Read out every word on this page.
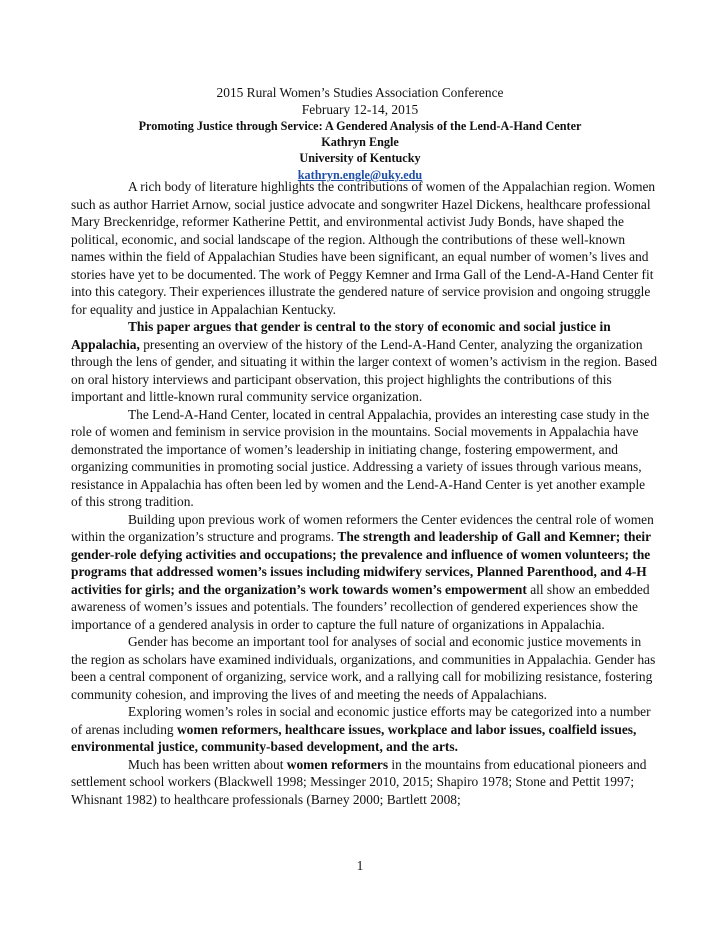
2015 Rural Women’s Studies Association Conference
February 12-14, 2015
Promoting Justice through Service: A Gendered Analysis of the Lend-A-Hand Center
Kathryn Engle
University of Kentucky
kathryn.engle@uky.edu

A rich body of literature highlights the contributions of women of the Appalachian region. Women such as author Harriet Arnow, social justice advocate and songwriter Hazel Dickens, healthcare professional Mary Breckenridge, reformer Katherine Pettit, and environmental activist Judy Bonds, have shaped the political, economic, and social landscape of the region. Although the contributions of these well-known names within the field of Appalachian Studies have been significant, an equal number of women’s lives and stories have yet to be documented. The work of Peggy Kemner and Irma Gall of the Lend-A-Hand Center fit into this category. Their experiences illustrate the gendered nature of service provision and ongoing struggle for equality and justice in Appalachian Kentucky.

This paper argues that gender is central to the story of economic and social justice in Appalachia, presenting an overview of the history of the Lend-A-Hand Center, analyzing the organization through the lens of gender, and situating it within the larger context of women’s activism in the region. Based on oral history interviews and participant observation, this project highlights the contributions of this important and little-known rural community service organization.

The Lend-A-Hand Center, located in central Appalachia, provides an interesting case study in the role of women and feminism in service provision in the mountains. Social movements in Appalachia have demonstrated the importance of women’s leadership in initiating change, fostering empowerment, and organizing communities in promoting social justice. Addressing a variety of issues through various means, resistance in Appalachia has often been led by women and the Lend-A-Hand Center is yet another example of this strong tradition.

Building upon previous work of women reformers the Center evidences the central role of women within the organization’s structure and programs. The strength and leadership of Gall and Kemner; their gender-role defying activities and occupations; the prevalence and influence of women volunteers; the programs that addressed women’s issues including midwifery services, Planned Parenthood, and 4-H activities for girls; and the organization’s work towards women’s empowerment all show an embedded awareness of women’s issues and potentials. The founders’ recollection of gendered experiences show the importance of a gendered analysis in order to capture the full nature of organizations in Appalachia.

Gender has become an important tool for analyses of social and economic justice movements in the region as scholars have examined individuals, organizations, and communities in Appalachia. Gender has been a central component of organizing, service work, and a rallying call for mobilizing resistance, fostering community cohesion, and improving the lives of and meeting the needs of Appalachians.

Exploring women’s roles in social and economic justice efforts may be categorized into a number of arenas including women reformers, healthcare issues, workplace and labor issues, coalfield issues, environmental justice, community-based development, and the arts.

Much has been written about women reformers in the mountains from educational pioneers and settlement school workers (Blackwell 1998; Messinger 2010, 2015; Shapiro 1978; Stone and Pettit 1997; Whisnant 1982) to healthcare professionals (Barney 2000; Bartlett 2008;

1
